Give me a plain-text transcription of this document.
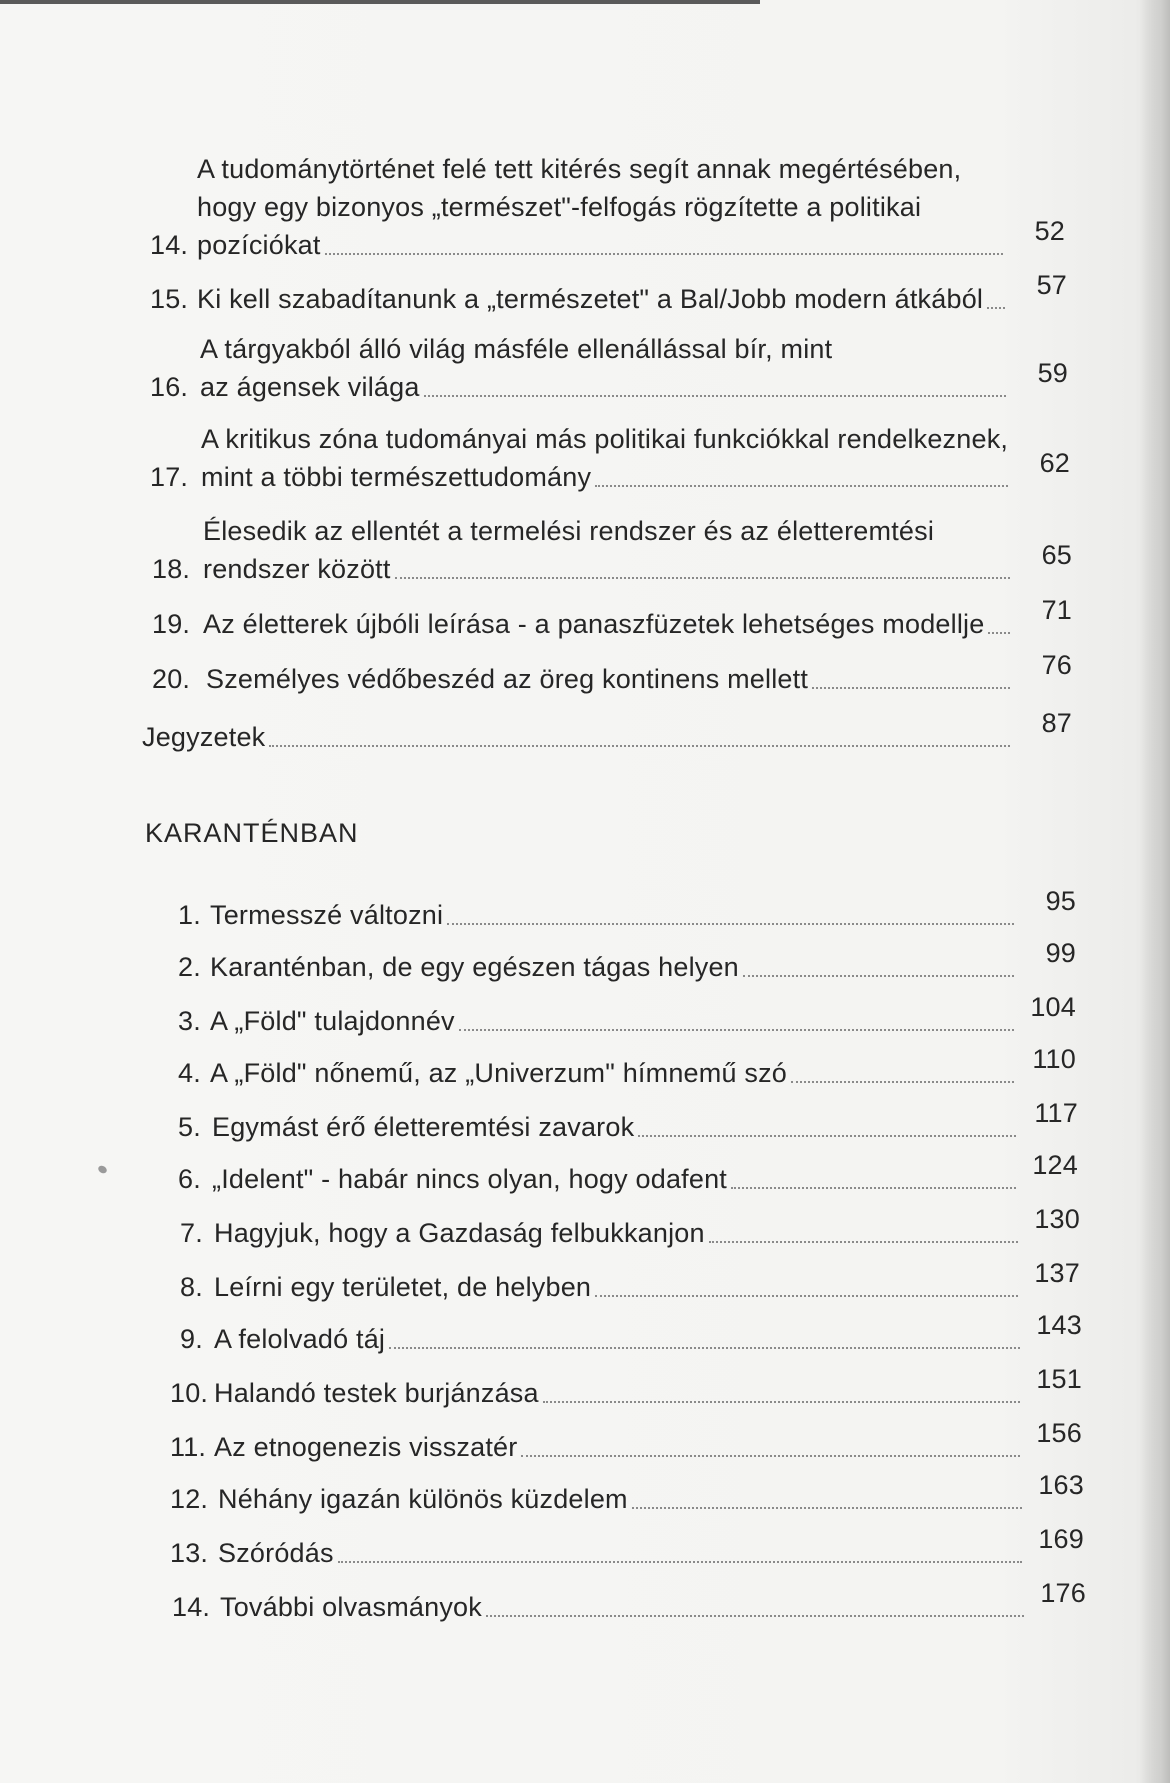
14.
A tudománytörténet felé tett kitérés segít annak megértésében,
hogy egy bizonyos „természet"-felfogás rögzítette a politikai
pozíciókat	52
15. Ki kell szabadítanunk a „természetet" a Bal/Jobb modern átkából	57
16.
A tárgyakból álló világ másféle ellenállással bír, mint
az ágensek világa	59
17.
A kritikus zóna tudományai más politikai funkciókkal rendelkeznek,
mint a többi természettudomány	62
18.
Élesedik az ellentét a termelési rendszer és az életteremtési
rendszer között	65
19. Az életterek újbóli leírása - a panaszfüzetek lehetséges modellje	71
20. Személyes védőbeszéd az öreg kontinens mellett	76
Jegyzetek	87
KARANTÉNBAN
1. Termesszé változni	95
2. Karanténban, de egy egészen tágas helyen	99
3. A „Föld" tulajdonnév	104
4. A „Föld" nőnemű, az „Univerzum" hímnemű szó	110
5. Egymást érő életteremtési zavarok	117
6. „Idelent" - habár nincs olyan, hogy odafent	124
7. Hagyjuk, hogy a Gazdaság felbukkanjon	130
8. Leírni egy területet, de helyben	137
9. A felolvadó táj	143
10. Halandó testek burjánzása	151
11. Az etnogenezis visszatér	156
12. Néhány igazán különös küzdelem	163
13. Szóródás	169
14. További olvasmányok	176
